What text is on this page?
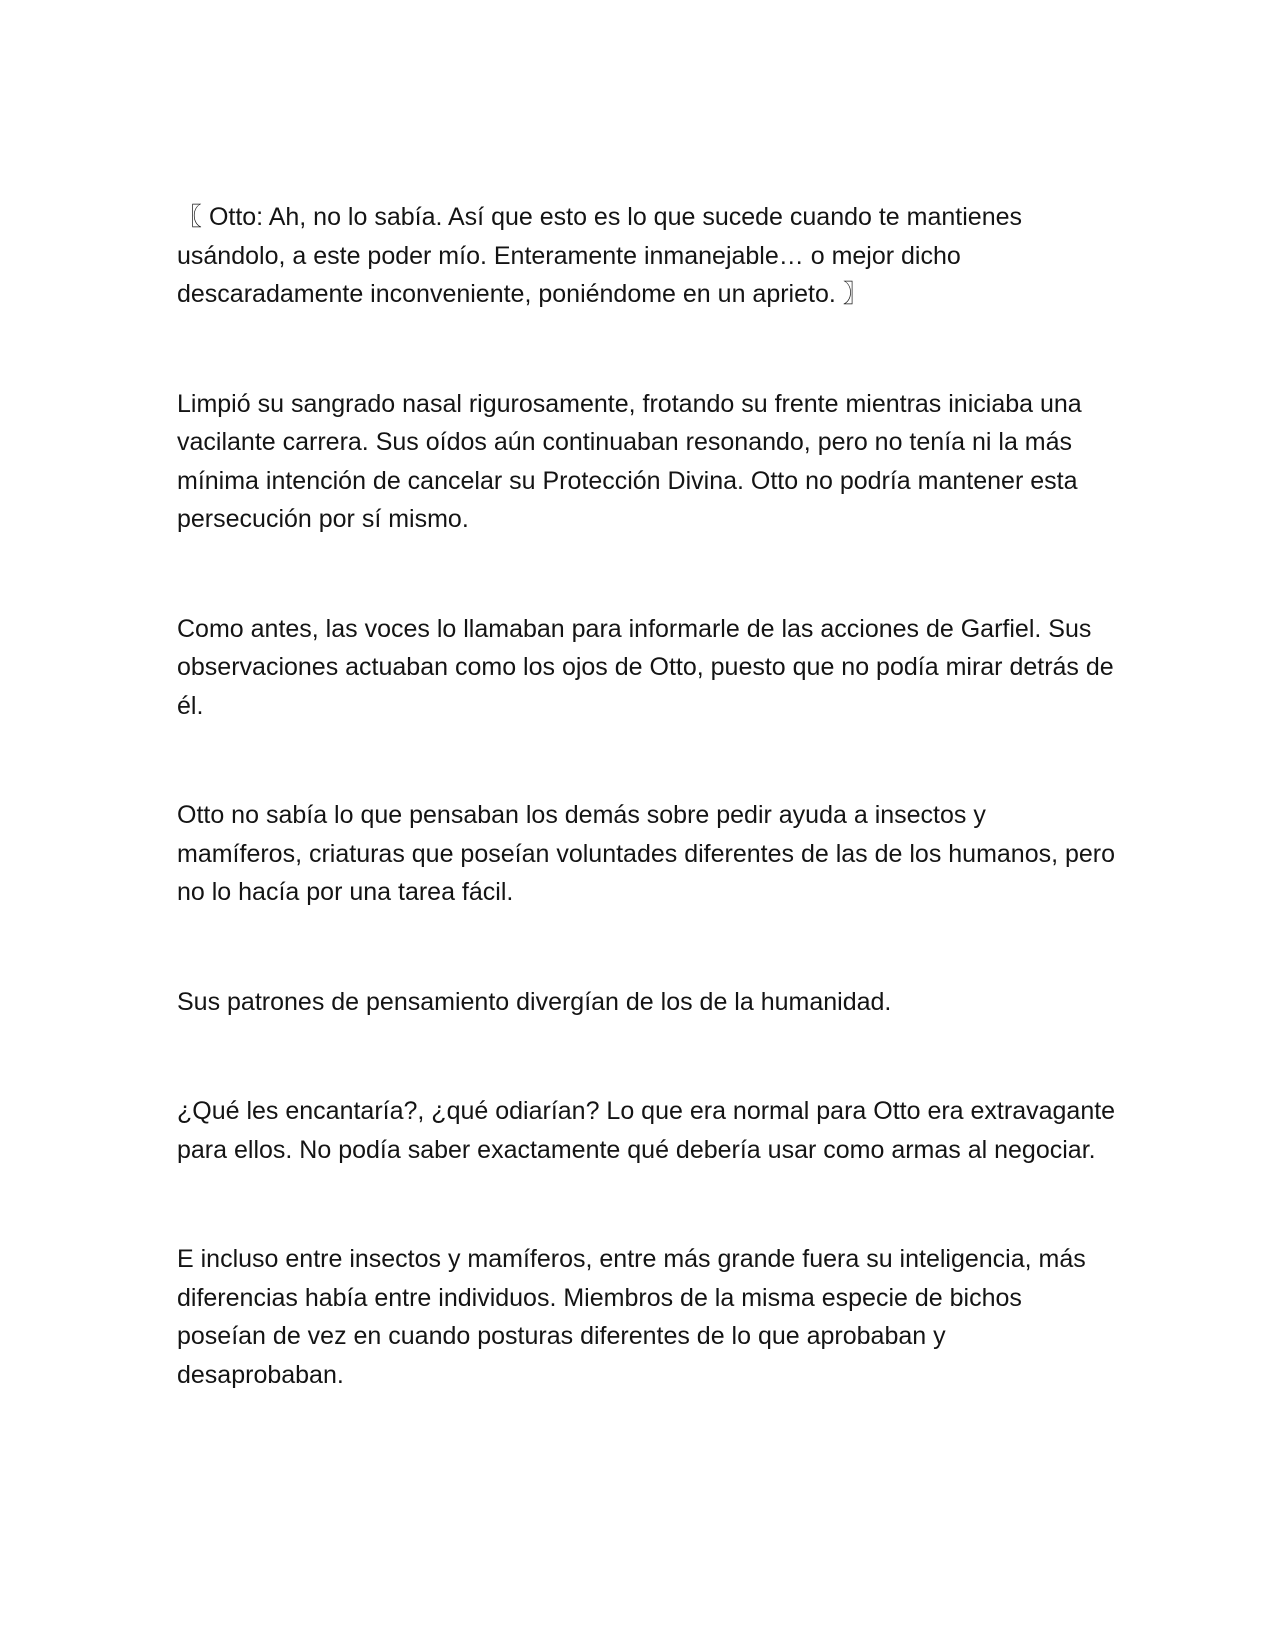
〖 Otto: Ah, no lo sabía. Así que esto es lo que sucede cuando te mantienes usándolo, a este poder mío. Enteramente inmanejable… o mejor dicho descaradamente inconveniente, poniéndome en un aprieto. 〗

Limpió su sangrado nasal rigurosamente, frotando su frente mientras iniciaba una vacilante carrera. Sus oídos aún continuaban resonando, pero no tenía ni la más mínima intención de cancelar su Protección Divina. Otto no podría mantener esta persecución por sí mismo.

Como antes, las voces lo llamaban para informarle de las acciones de Garfiel. Sus observaciones actuaban como los ojos de Otto, puesto que no podía mirar detrás de él.

Otto no sabía lo que pensaban los demás sobre pedir ayuda a insectos y mamíferos, criaturas que poseían voluntades diferentes de las de los humanos, pero no lo hacía por una tarea fácil.

Sus patrones de pensamiento divergían de los de la humanidad.

¿Qué les encantaría?, ¿qué odiarían? Lo que era normal para Otto era extravagante para ellos. No podía saber exactamente qué debería usar como armas al negociar.

E incluso entre insectos y mamíferos, entre más grande fuera su inteligencia, más diferencias había entre individuos. Miembros de la misma especie de bichos poseían de vez en cuando posturas diferentes de lo que aprobaban y desaprobaban.
